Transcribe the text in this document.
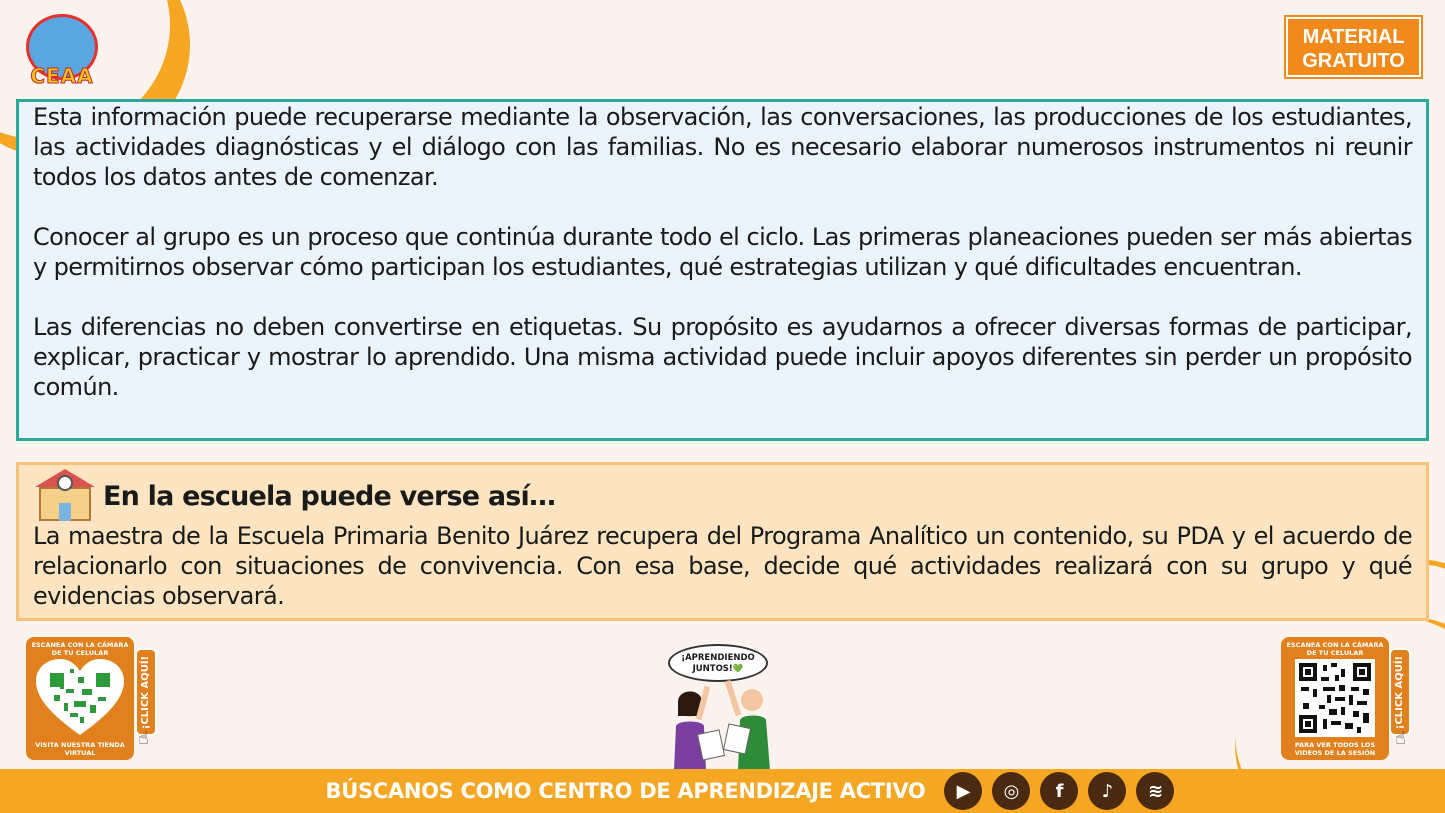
CEAA
MATERIAL
GRATUITO

Esta información puede recuperarse mediante la observación, las conversaciones, las producciones de los estudiantes, las actividades diagnósticas y el diálogo con las familias. No es necesario elaborar numerosos instrumentos ni reunir todos los datos antes de comenzar.

Conocer al grupo es un proceso que continúa durante todo el ciclo. Las primeras planeaciones pueden ser más abiertas y permitirnos observar cómo participan los estudiantes, qué estrategias utilizan y qué dificultades encuentran.

Las diferencias no deben convertirse en etiquetas. Su propósito es ayudarnos a ofrecer diversas formas de participar, explicar, practicar y mostrar lo aprendido. Una misma actividad puede incluir apoyos diferentes sin perder un propósito común.

En la escuela puede verse así…

La maestra de la Escuela Primaria Benito Juárez recupera del Programa Analítico un contenido, su PDA y el acuerdo de relacionarlo con situaciones de convivencia. Con esa base, decide qué actividades realizará con su grupo y qué evidencias observará.

ESCANEA CON LA CÁMARA DE TU CELULAR
VISITA NUESTRA TIENDA VIRTUAL
¡CLICK AQUÍ!
☝
¡APRENDIENDO JUNTOS!💚
ESCANEA CON LA CÁMARA DE TU CELULAR
PARA VER TODOS LOS VIDEOS DE LA SESIÓN
¡CLICK AQUÍ!
☝
BÚSCANOS COMO CENTRO DE APRENDIZAJE ACTIVO	▶	◎	f	♪	≋
